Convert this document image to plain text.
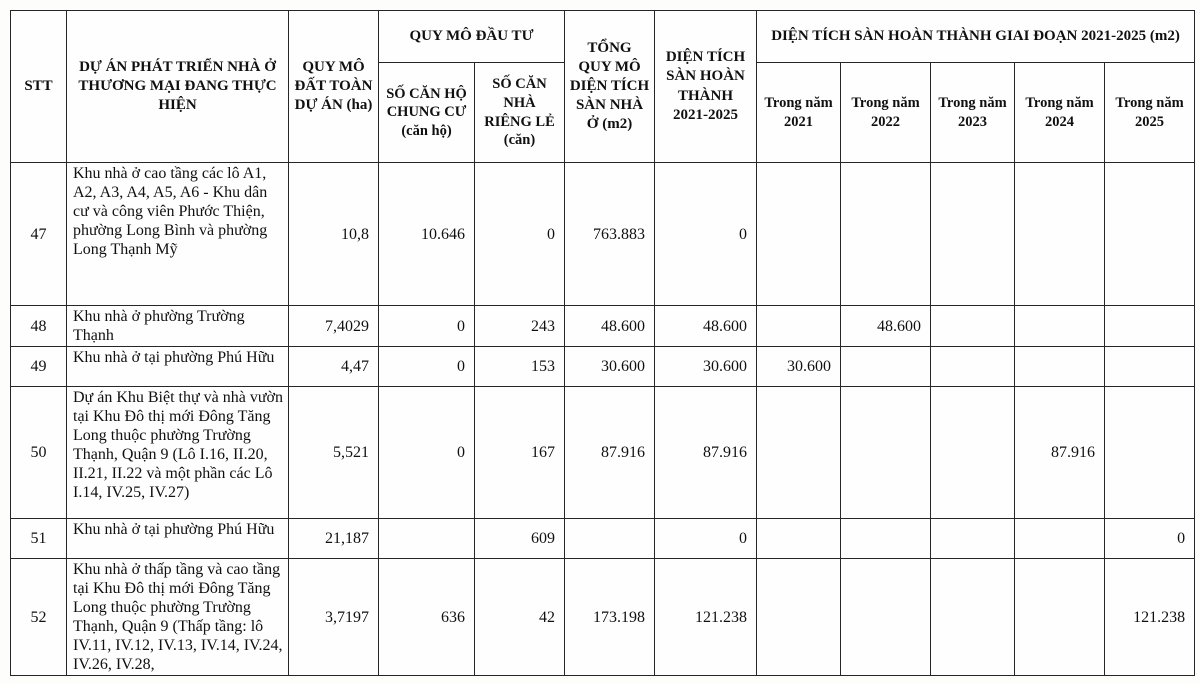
STT	DỰ ÁN PHÁT TRIỂN NHÀ Ở THƯƠNG MẠI ĐANG THỰC HIỆN	QUY MÔ ĐẤT TOÀN DỰ ÁN (ha)	QUY MÔ ĐẦU TƯ		TỔNG QUY MÔ DIỆN TÍCH SÀN NHÀ Ở (m2)	DIỆN TÍCH SÀN HOÀN THÀNH 2021-2025	DIỆN TÍCH SÀN HOÀN THÀNH GIAI ĐOẠN 2021-2025 (m2)				
			SỐ CĂN HỘ CHUNG CƯ (căn hộ)	SỐ CĂN NHÀ RIÊNG LẺ (căn)			Trong năm 2021	Trong năm 2022	Trong năm 2023	Trong năm 2024	Trong năm 2025
47	Khu nhà ở cao tầng các lô A1, A2, A3, A4, A5, A6 - Khu dân cư và công viên Phước Thiện, phường Long Bình và phường Long Thạnh Mỹ	10,8	10.646	0	763.883	0					
48	Khu nhà ở phường Trường Thạnh	7,4029	0	243	48.600	48.600		48.600			
49	Khu nhà ở tại phường Phú Hữu	4,47	0	153	30.600	30.600	30.600				
50	Dự án Khu Biệt thự và nhà vườn tại Khu Đô thị mới Đông Tăng Long thuộc phường Trường Thạnh, Quận 9 (Lô I.16, II.20, II.21, II.22 và một phần các Lô I.14, IV.25, IV.27)	5,521	0	167	87.916	87.916				87.916	
51	Khu nhà ở tại phường Phú Hữu	21,187		609		0					0
52	Khu nhà ở thấp tầng và cao tầng tại Khu Đô thị mới Đông Tăng Long thuộc phường Trường Thạnh, Quận 9 (Thấp tầng: lô IV.11, IV.12, IV.13, IV.14, IV.24, IV.26, IV.28,	3,7197	636	42	173.198	121.238					121.238
